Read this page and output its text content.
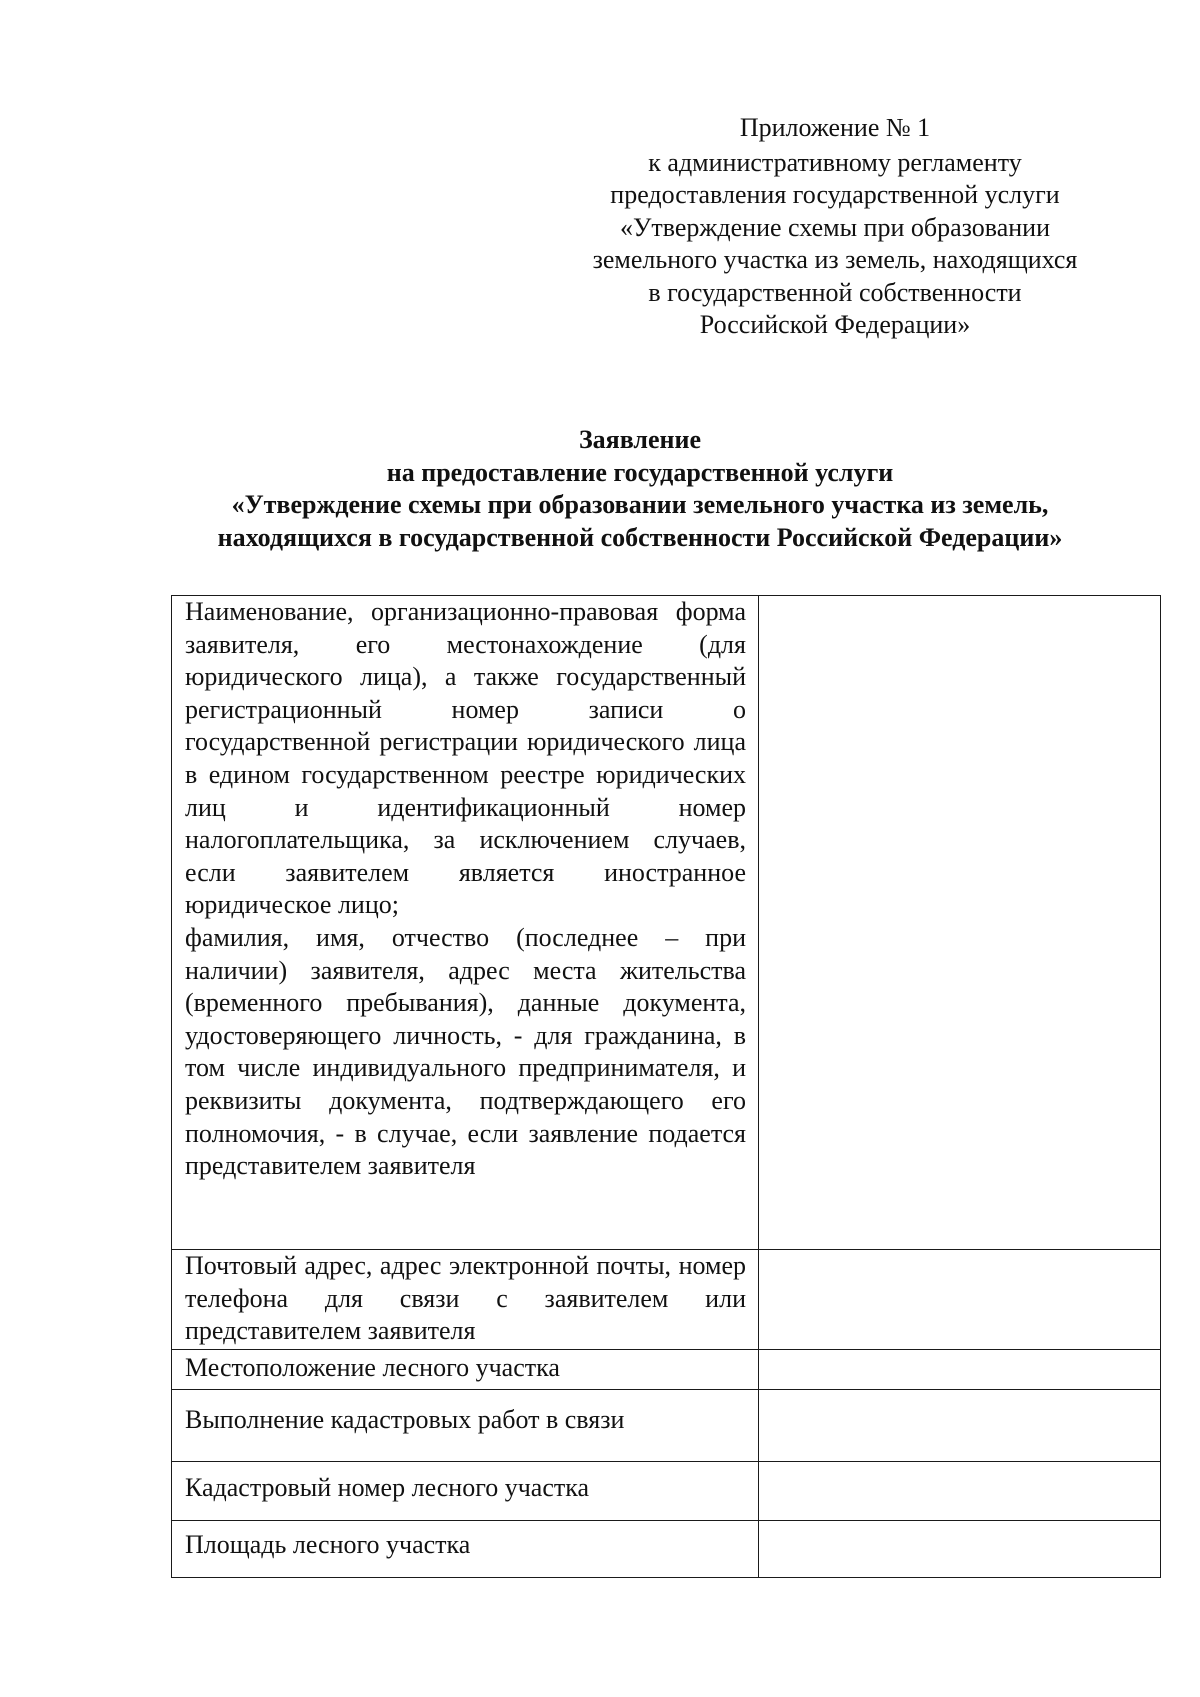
Приложение № 1
к административному регламенту
предоставления государственной услуги
«Утверждение схемы при образовании
земельного участка из земель, находящихся
в государственной собственности
Российской Федерации»
Заявление
на предоставление государственной услуги
«Утверждение схемы при образовании земельного участка из земель,
находящихся в государственной собственности Российской Федерации»
Наименование, организационно-правовая форма заявителя, его местонахождение (для юридического лица), а также государственный регистрационный номер записи о государственной регистрации юридического лица в едином государственном реестре юридических лиц и идентификационный номер налогоплательщика, за исключением случаев, если заявителем является иностранное юридическое лицо;
фамилия, имя, отчество (последнее – при наличии) заявителя, адрес места жительства (временного пребывания), данные документа, удостоверяющего личность, - для гражданина, в том числе индивидуального предпринимателя, и реквизиты документа, подтверждающего его полномочия, - в случае, если заявление подается представителем заявителя	

Почтовый адрес, адрес электронной почты, номер телефона для связи с заявителем или представителем заявителя	

Местоположение лесного участка	

Выполнение кадастровых работ в связи	

Кадастровый номер лесного участка	

Площадь лесного участка	
